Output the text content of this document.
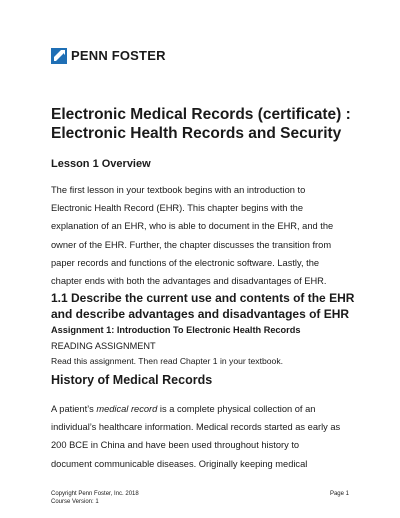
PENN FOSTER
Electronic Medical Records (certificate) :
Electronic Health Records and Security
Lesson 1 Overview

The first lesson in your textbook begins with an introduction to
Electronic Health Record (EHR). This chapter begins with the
explanation of an EHR, who is able to document in the EHR, and the
owner of the EHR. Further, the chapter discusses the transition from
paper records and functions of the electronic software. Lastly, the
chapter ends with both the advantages and disadvantages of EHR.

1.1 Describe the current use and contents of the EHR
and describe advantages and disadvantages of EHR
Assignment 1: Introduction To Electronic Health Records

READING ASSIGNMENT

Read this assignment. Then read Chapter 1 in your textbook.

History of Medical Records

A patient’s medical record is a complete physical collection of an
individual’s healthcare information. Medical records started as early as
200 BCE in China and have been used throughout history to
document communicable diseases. Originally keeping medical

Copyright Penn Foster, Inc. 2018
Course Version: 1
Page 1
